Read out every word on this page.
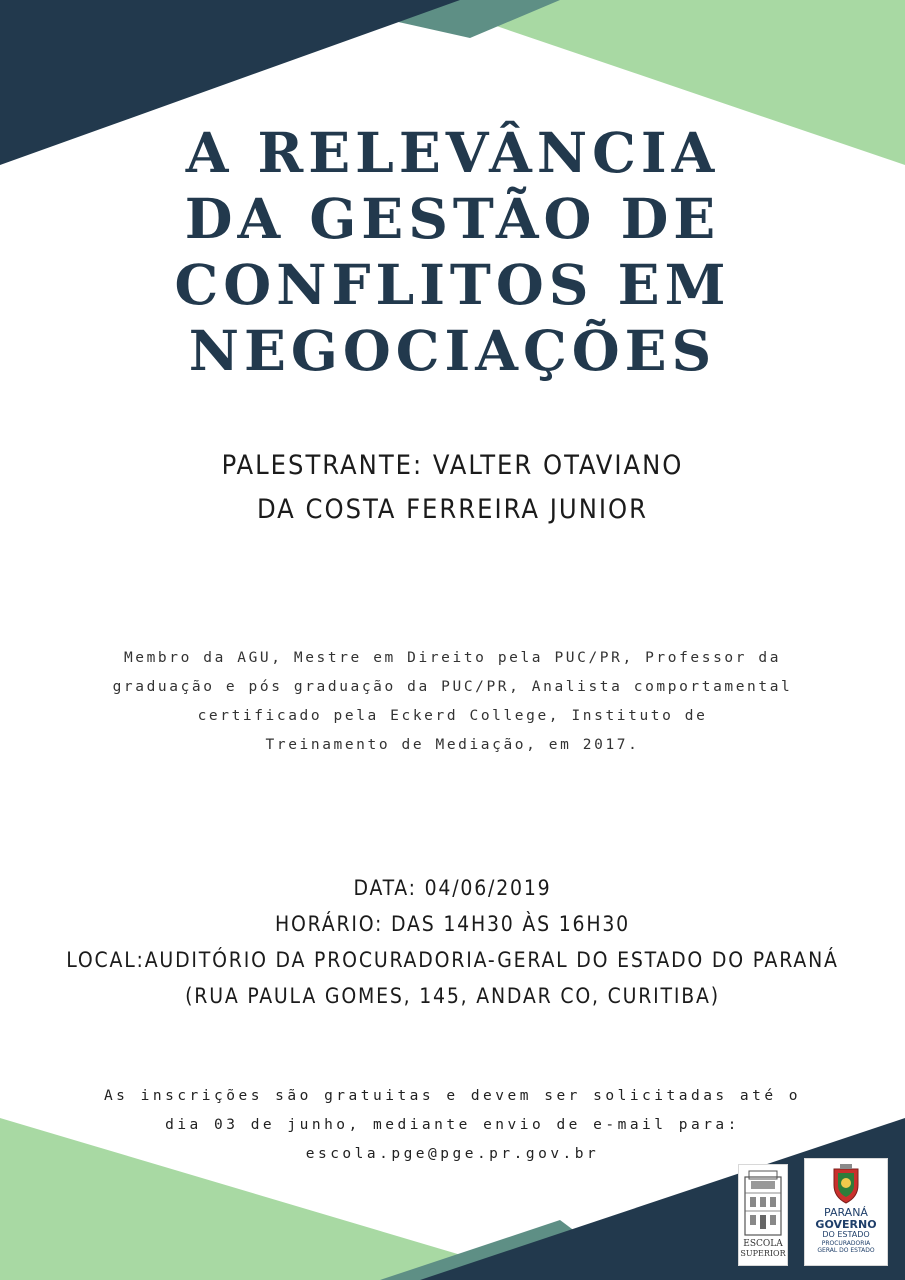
A RELEVÂNCIA
DA GESTÃO DE
CONFLITOS EM
NEGOCIAÇÕES
PALESTRANTE: VALTER OTAVIANO
DA COSTA FERREIRA JUNIOR
Membro da AGU, Mestre em Direito pela PUC/PR, Professor da
graduação e pós graduação da PUC/PR, Analista comportamental
certificado pela Eckerd College, Instituto de
Treinamento de Mediação, em 2017.
DATA: 04/06/2019
HORÁRIO: DAS 14H30 ÀS 16H30
LOCAL:AUDITÓRIO DA PROCURADORIA-GERAL DO ESTADO DO PARANÁ
(RUA PAULA GOMES, 145, ANDAR CO, CURITIBA)
As inscrições são gratuitas e devem ser solicitadas até o
dia 03 de junho, mediante envio de e-mail para:
escola.pge@pge.pr.gov.br
ESCOLA
SUPERIOR
PARANÁ
GOVERNO
DO ESTADO
PROCURADORIA
GERAL DO ESTADO
